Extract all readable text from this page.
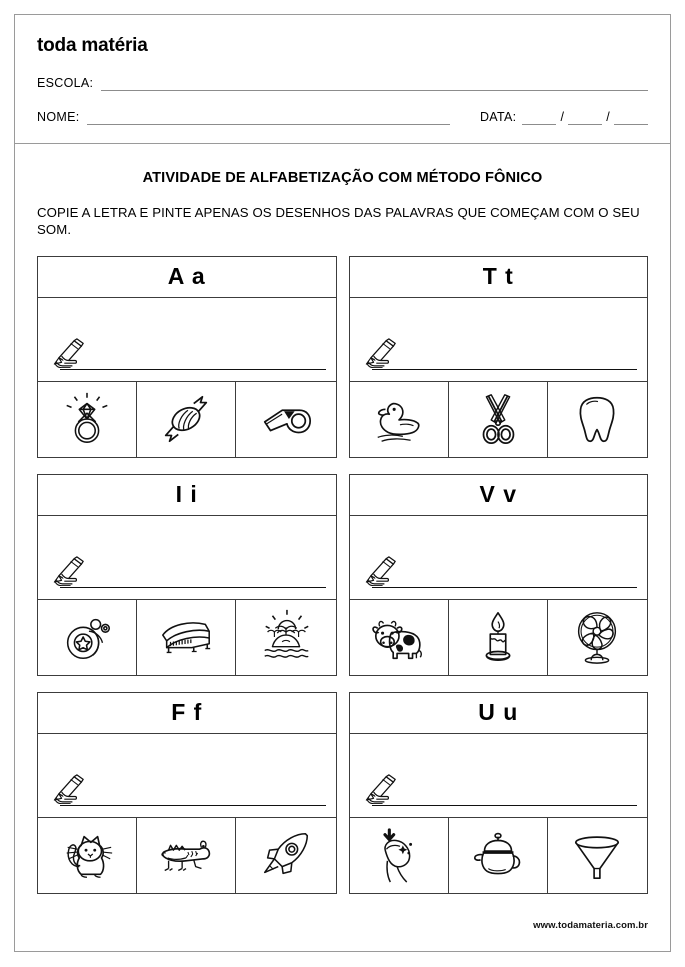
toda matéria
ESCOLA:
NOME:	DATA:	/	/
ATIVIDADE DE ALFABETIZAÇÃO COM MÉTODO FÔNICO

COPIE A LETRA E PINTE APENAS OS DESENHOS DAS PALAVRAS QUE COMEÇAM COM O SEU SOM.

A a	T t
I i	V v
F f	U u
www.todamateria.com.br
